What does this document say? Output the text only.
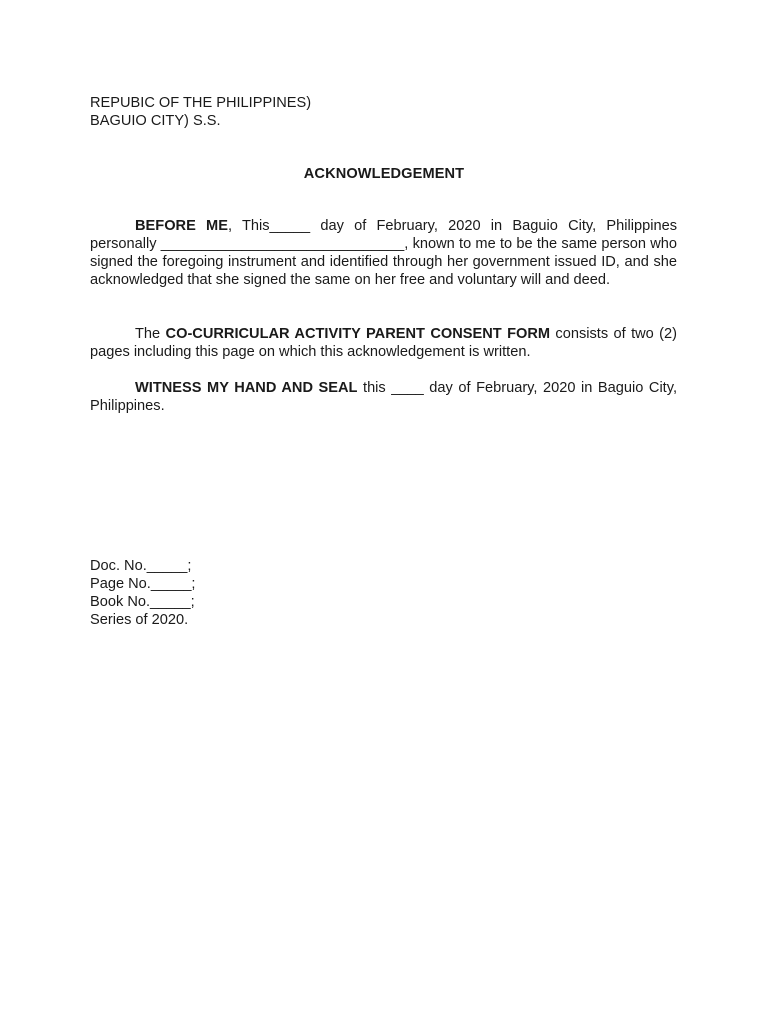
REPUBIC OF THE PHILIPPINES)
BAGUIO CITY) S.S.
ACKNOWLEDGEMENT
BEFORE ME, This_____ day of February, 2020 in Baguio City, Philippines personally ______________________________, known to me to be the same person who signed the foregoing instrument and identified through her government issued ID, and she acknowledged that she signed the same on her free and voluntary will and deed.
The CO-CURRICULAR ACTIVITY PARENT CONSENT FORM consists of two (2) pages including this page on which this acknowledgement is written.
WITNESS MY HAND AND SEAL this ____ day of February, 2020 in Baguio City, Philippines.
Doc. No._____;
Page No._____;
Book No._____;
Series of 2020.
